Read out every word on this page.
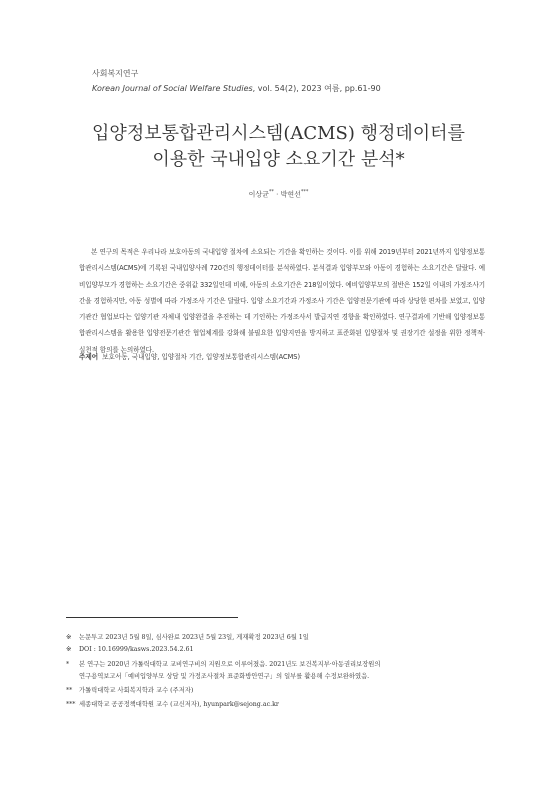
사회복지연구
Korean Journal of Social Welfare Studies, vol. 54(2), 2023 여름, pp.61-90
입양정보통합관리시스템(ACMS) 행정데이터를
이용한 국내입양 소요기간 분석*
이상균** · 박현선***

본 연구의 목적은 우리나라 보호아동의 국내입양 절차에 소요되는 기간을 확인하는 것이다. 이를 위해 2019년부터 2021년까지 입양정보통합관리시스템(ACMS)에 기록된 국내입양사례 720건의 행정데이터를 분석하였다. 분석결과 입양부모와 아동이 경험하는 소요기간은 달랐다. 예비입양부모가 경험하는 소요기간은 중위값 332일인데 비해, 아동의 소요기간은 218일이었다. 예비입양부모의 절반은 152일 이내의 가정조사기간을 경험하지만, 아동 성별에 따라 가정조사 기간은 달랐다. 입양 소요기간과 가정조사 기간은 입양전문기관에 따라 상당한 편차를 보였고, 입양기관간 협업보다는 입양기관 자체내 입양완결을 추진하는 데 기인하는 가정조사서 발급지연 경향을 확인하였다. 연구결과에 기반해 입양정보통합관리시스템을 활용한 입양전문기관간 협업체계를 강화해 불필요한 입양지연을 방지하고 표준화된 입양절차 및 권장기간 설정을 위한 정책적·실천적 함의를 논의하였다.

주제어 보호아동, 국내입양, 입양절차 기간, 입양정보통합관리시스템(ACMS)
※ 논문투고 2023년 5월 8일, 심사완료 2023년 5월 23일, 게재확정 2023년 6월 1일
※ DOI : 10.16999/kasws.2023.54.2.61
* 본 연구는 2020년 가톨릭대학교 교비연구비의 지원으로 이루어졌음. 2021년도 보건복지부·아동권리보장원의
연구용역보고서「예비입양부모 상담 및 가정조사절차 표준화방안연구」의 일부를 활용해 수정보완하였음.
** 가톨릭대학교 사회복지학과 교수 (주저자)
*** 세종대학교 공공정책대학원 교수 (교신저자), hyunpark@sejong.ac.kr
